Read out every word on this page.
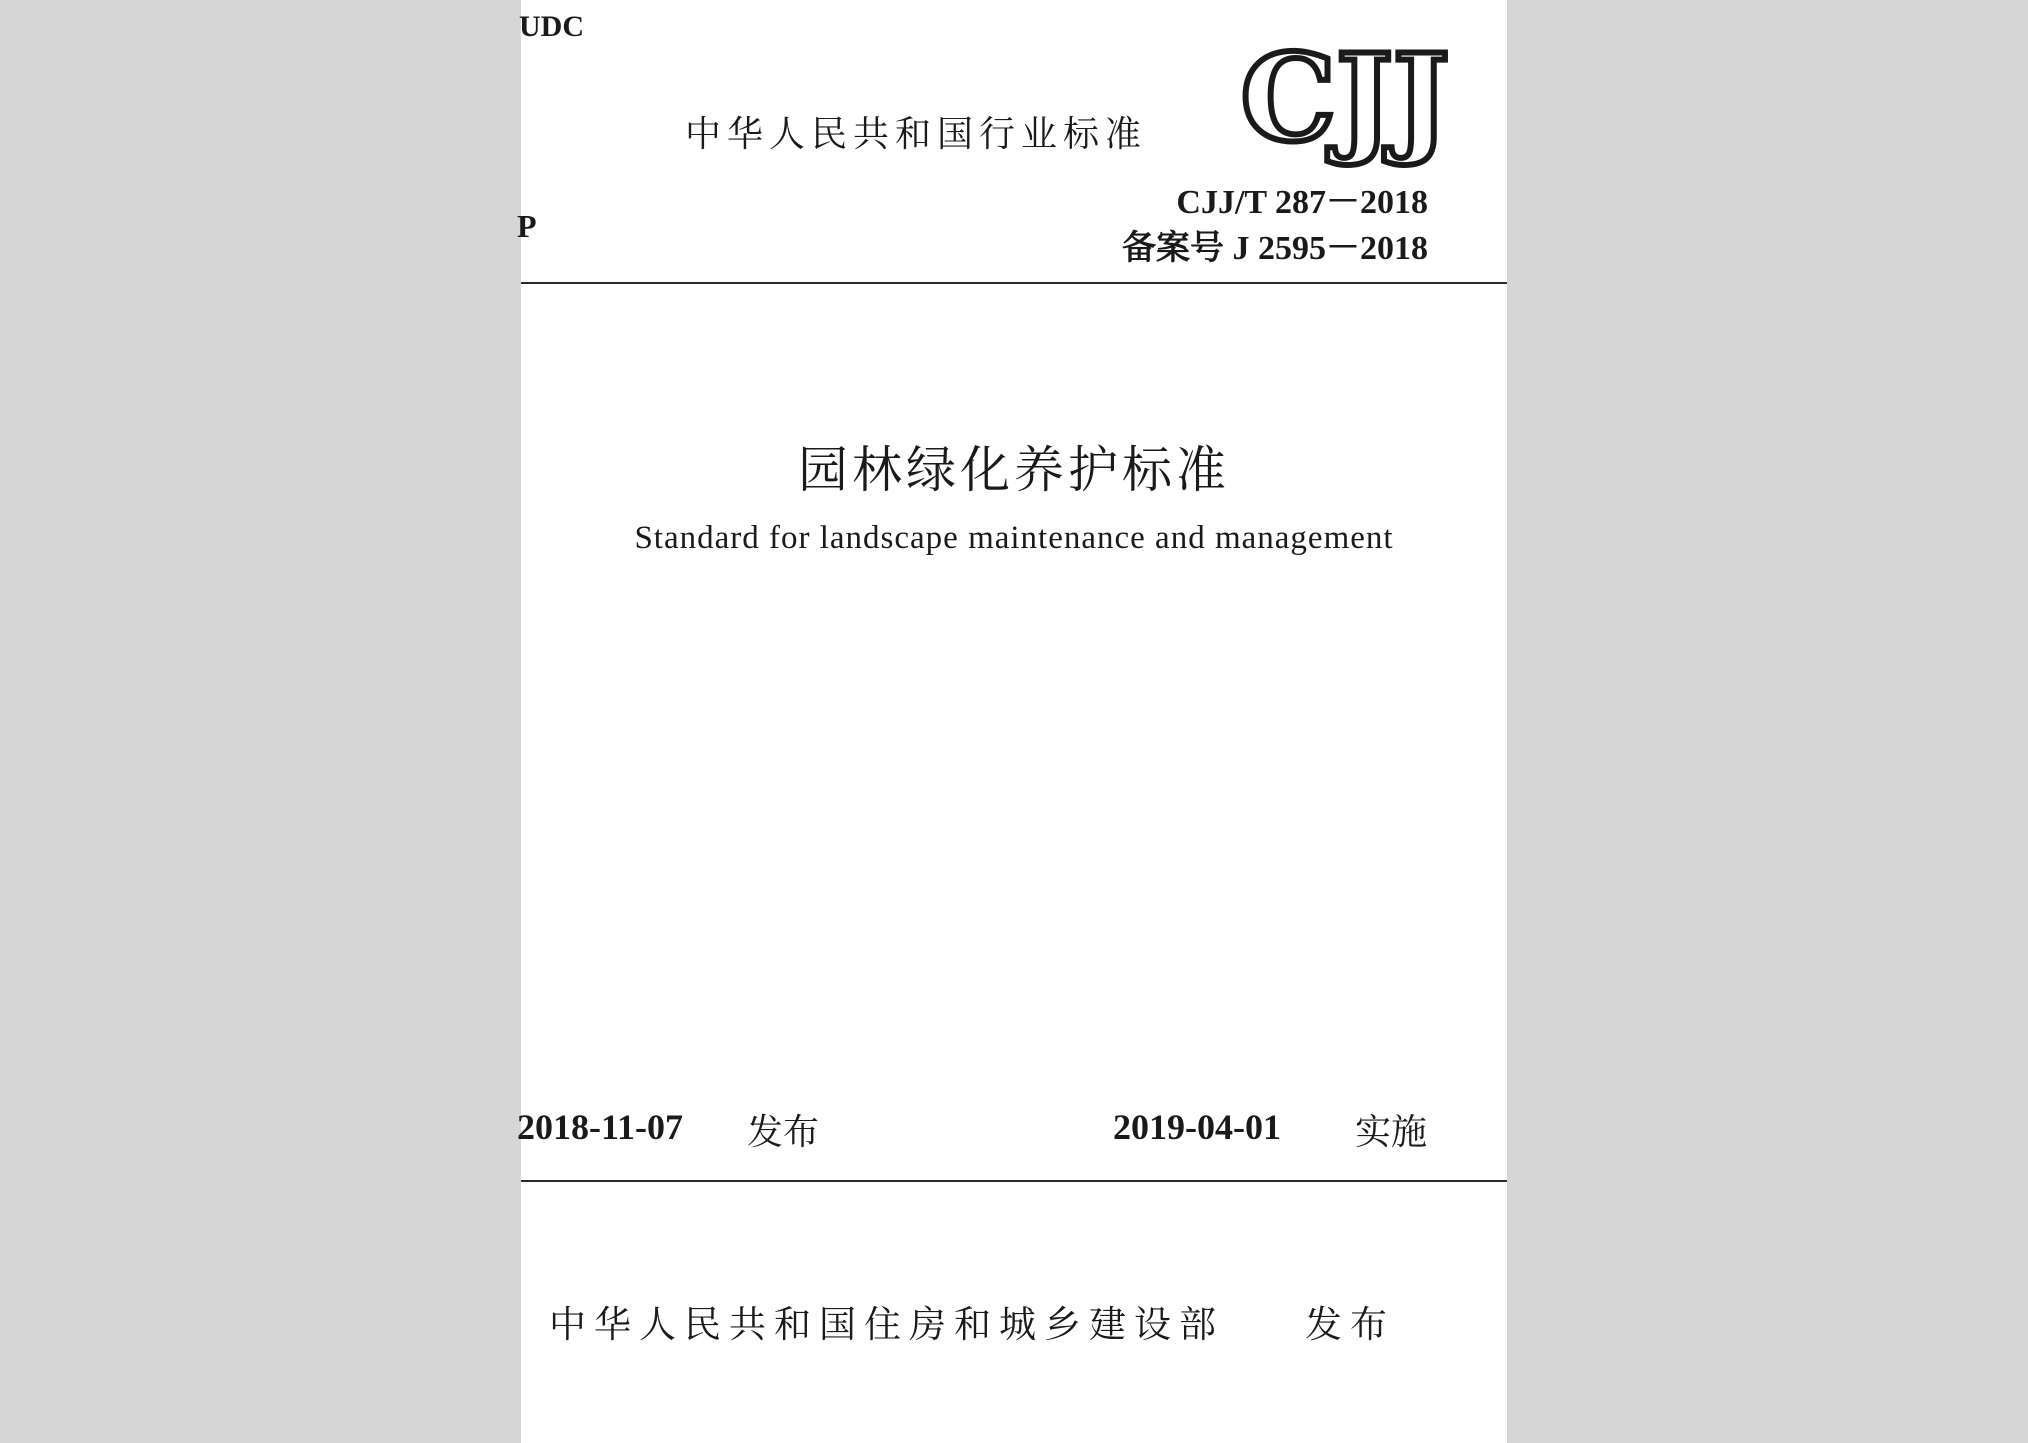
UDC
P
中华人民共和国行业标准 CJJ
CJJ/T 287－2018
备案号 J 2595－2018
园林绿化养护标准
Standard for landscape maintenance and management
2018-11-07 发布	2019-04-01 实施
中华人民共和国住房和城乡建设部 发布
